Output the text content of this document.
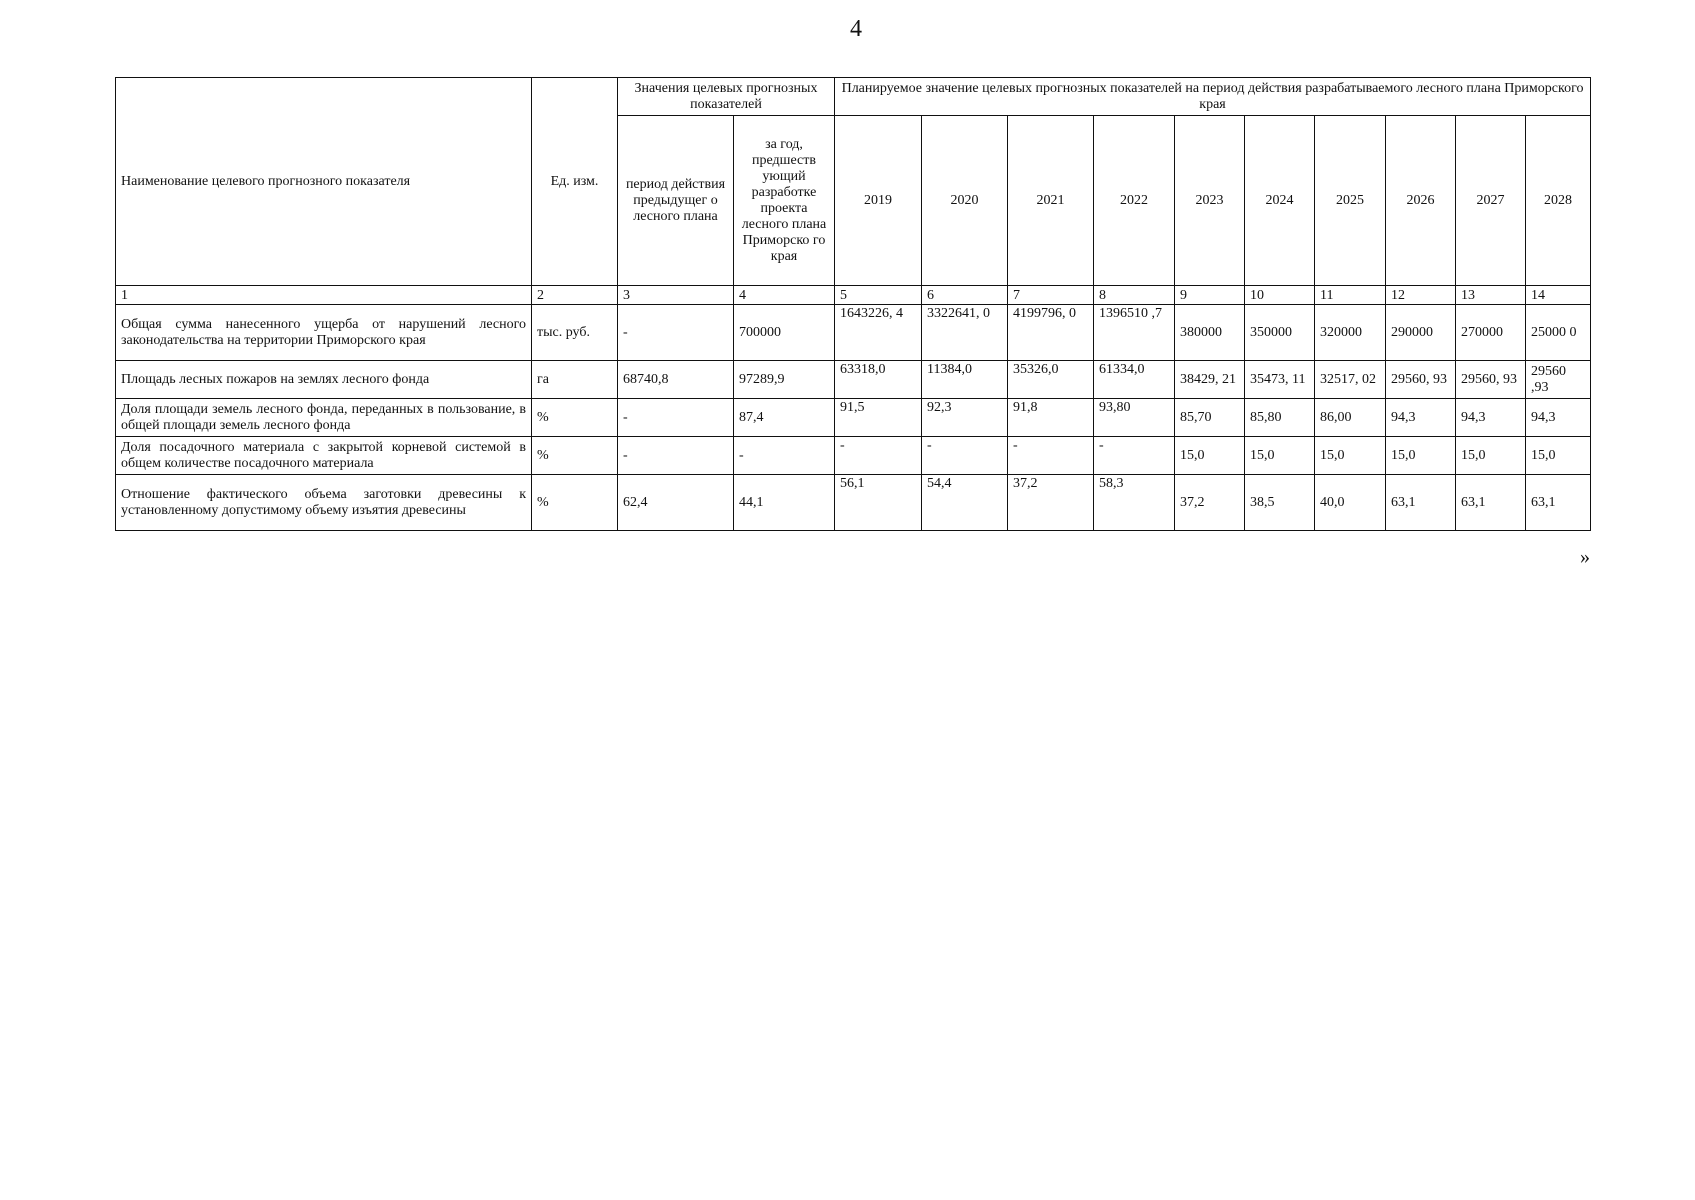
4
Наименование целевого прогнозного показателя	Ед. изм.	Значения целевых прогнозных показателей		Планируемое значение целевых прогнозных показателей на период действия разрабатываемого лесного плана Приморского края									
		период действия предыдущег о лесного плана	за год, предшеств ующий разработке проекта лесного плана Приморско го края	2019	2020	2021	2022	2023	2024	2025	2026	2027	2028
1	2	3	4	5	6	7	8	9	10	11	12	13	14
Общая сумма нанесенного ущерба от нарушений лесного законодательства на территории Приморского края	тыс. руб.	-	700000	1643226, 4	3322641, 0	4199796, 0	1396510 ,7	380000	350000	320000	290000	270000	25000 0
Площадь лесных пожаров на землях лесного фонда	га	68740,8	97289,9	63318,0	11384,0	35326,0	61334,0	38429, 21	35473, 11	32517, 02	29560, 93	29560, 93	29560 ,93
Доля площади земель лесного фонда, переданных в пользование, в общей площади земель лесного фонда	%	-	87,4	91,5	92,3	91,8	93,80	85,70	85,80	86,00	94,3	94,3	94,3
Доля посадочного материала с закрытой корневой системой в общем количестве посадочного материала	%	-	-	-	-	-	-	15,0	15,0	15,0	15,0	15,0	15,0
Отношение фактического объема заготовки древесины к установленному допустимому объему изъятия древесины	%	62,4	44,1	56,1	54,4	37,2	58,3	37,2	38,5	40,0	63,1	63,1	63,1
»
